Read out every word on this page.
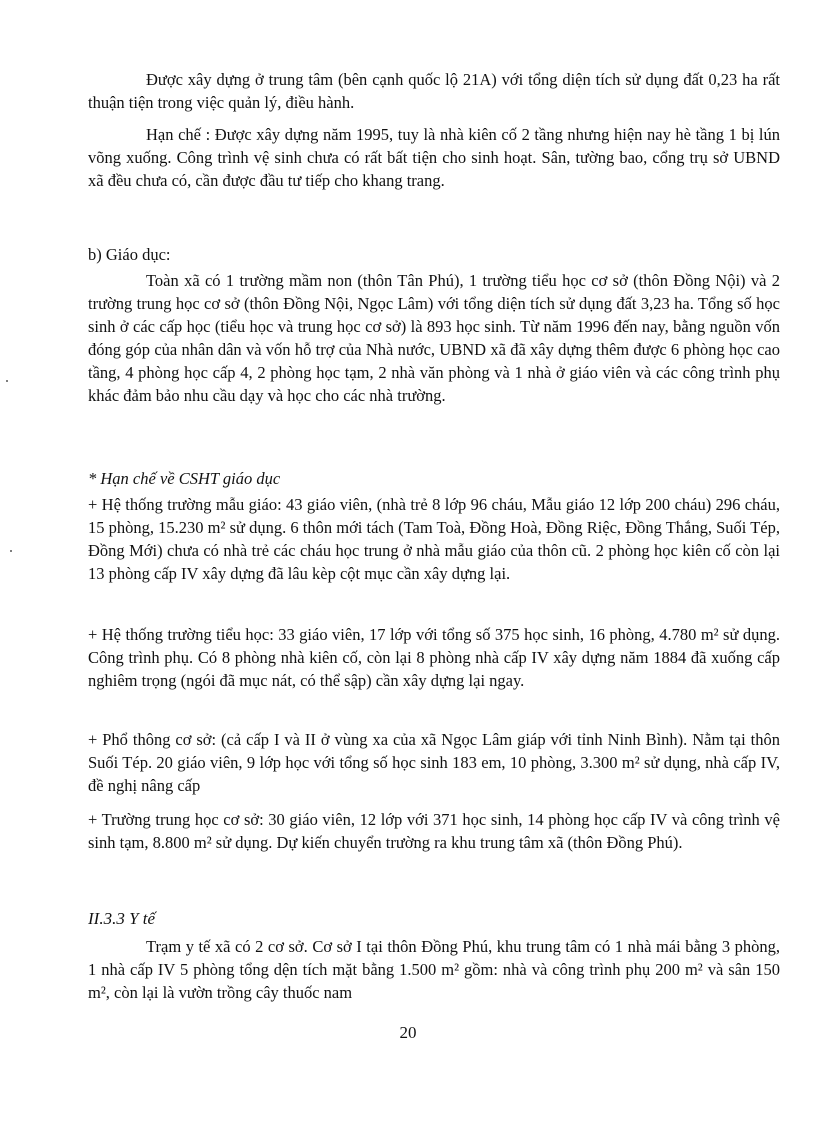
Được xây dựng ở trung tâm (bên cạnh quốc lộ 21A) với tổng diện tích sử dụng đất 0,23 ha rất thuận tiện trong việc quản lý, điều hành.

Hạn chế : Được xây dựng năm 1995, tuy là nhà kiên cố 2 tầng nhưng hiện nay hè tầng 1 bị lún võng xuống. Công trình vệ sinh chưa có rất bất tiện cho sinh hoạt. Sân, tường bao, cổng trụ sở UBND xã đều chưa có, cần được đầu tư tiếp cho khang trang.

b) Giáo dục:

Toàn xã có 1 trường mầm non (thôn Tân Phú), 1 trường tiểu học cơ sở (thôn Đồng Nội) và 2 trường trung học cơ sở (thôn Đồng Nội, Ngọc Lâm) với tổng diện tích sử dụng đất 3,23 ha. Tổng số học sinh ở các cấp học (tiểu học và trung học cơ sở) là 893 học sinh. Từ năm 1996 đến nay, bằng nguồn vốn đóng góp của nhân dân và vốn hỗ trợ của Nhà nước, UBND xã đã xây dựng thêm được 6 phòng học cao tầng, 4 phòng học cấp 4, 2 phòng học tạm, 2 nhà văn phòng và 1 nhà ở giáo viên và các công trình phụ khác đảm bảo nhu cầu dạy và học cho các nhà trường.

* Hạn chế về CSHT giáo dục

+ Hệ thống trường mẫu giáo: 43 giáo viên, (nhà trẻ 8 lớp 96 cháu, Mẫu giáo 12 lớp 200 cháu) 296 cháu, 15 phòng, 15.230 m² sử dụng. 6 thôn mới tách (Tam Toà, Đồng Hoà, Đồng Riệc, Đồng Thắng, Suối Tép, Đồng Mới) chưa có nhà trẻ các cháu học trung ở nhà mẫu giáo của thôn cũ. 2 phòng học kiên cố còn lại 13 phòng cấp IV xây dựng đã lâu kèp cột mục cần xây dựng lại.

+ Hệ thống trường tiểu học: 33 giáo viên, 17 lớp với tổng số 375 học sinh, 16 phòng, 4.780 m² sử dụng. Công trình phụ. Có 8 phòng nhà kiên cố, còn lại 8 phòng nhà cấp IV xây dựng năm 1884 đã xuống cấp nghiêm trọng (ngói đã mục nát, có thể sập) cần xây dựng lại ngay.

+ Phổ thông cơ sở: (cả cấp I và II ở vùng xa của xã Ngọc Lâm giáp với tỉnh Ninh Bình). Nằm tại thôn Suối Tép. 20 giáo viên, 9 lớp học với tổng số học sinh 183 em, 10 phòng, 3.300 m² sử dụng, nhà cấp IV, đề nghị nâng cấp

+ Trường trung học cơ sở: 30 giáo viên, 12 lớp với 371 học sinh, 14 phòng học cấp IV và công trình vệ sinh tạm, 8.800 m² sử dụng. Dự kiến chuyển trường ra khu trung tâm xã (thôn Đồng Phú).

II.3.3 Y tế

Trạm y tế xã có 2 cơ sở. Cơ sở I tại thôn Đồng Phú, khu trung tâm có 1 nhà mái bằng 3 phòng, 1 nhà cấp IV 5 phòng tổng dện tích mặt bằng 1.500 m² gồm: nhà và công trình phụ 200 m² và sân 150 m², còn lại là vườn trồng cây thuốc nam

20
